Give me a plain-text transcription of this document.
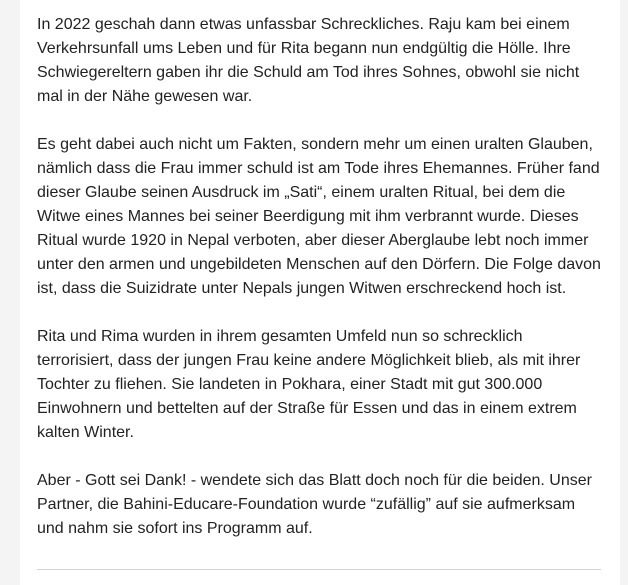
In 2022 geschah dann etwas unfassbar Schreckliches. Raju kam bei einem
Verkehrsunfall ums Leben und für Rita begann nun endgültig die Hölle. Ihre
Schwiegereltern gaben ihr die Schuld am Tod ihres Sohnes, obwohl sie nicht
mal in der Nähe gewesen war.

Es geht dabei auch nicht um Fakten, sondern mehr um einen uralten Glauben,
nämlich dass die Frau immer schuld ist am Tode ihres Ehemannes. Früher fand
dieser Glaube seinen Ausdruck im „Sati“, einem uralten Ritual, bei dem die
Witwe eines Mannes bei seiner Beerdigung mit ihm verbrannt wurde. Dieses
Ritual wurde 1920 in Nepal verboten, aber dieser Aberglaube lebt noch immer
unter den armen und ungebildeten Menschen auf den Dörfern. Die Folge davon
ist, dass die Suizidrate unter Nepals jungen Witwen erschreckend hoch ist.

Rita und Rima wurden in ihrem gesamten Umfeld nun so schrecklich
terrorisiert, dass der jungen Frau keine andere Möglichkeit blieb, als mit ihrer
Tochter zu fliehen. Sie landeten in Pokhara, einer Stadt mit gut 300.000
Einwohnern und bettelten auf der Straße für Essen und das in einem extrem
kalten Winter.

Aber - Gott sei Dank! - wendete sich das Blatt doch noch für die beiden. Unser
Partner, die Bahini-Educare-Foundation wurde “zufällig” auf sie aufmerksam
und nahm sie sofort ins Programm auf.
